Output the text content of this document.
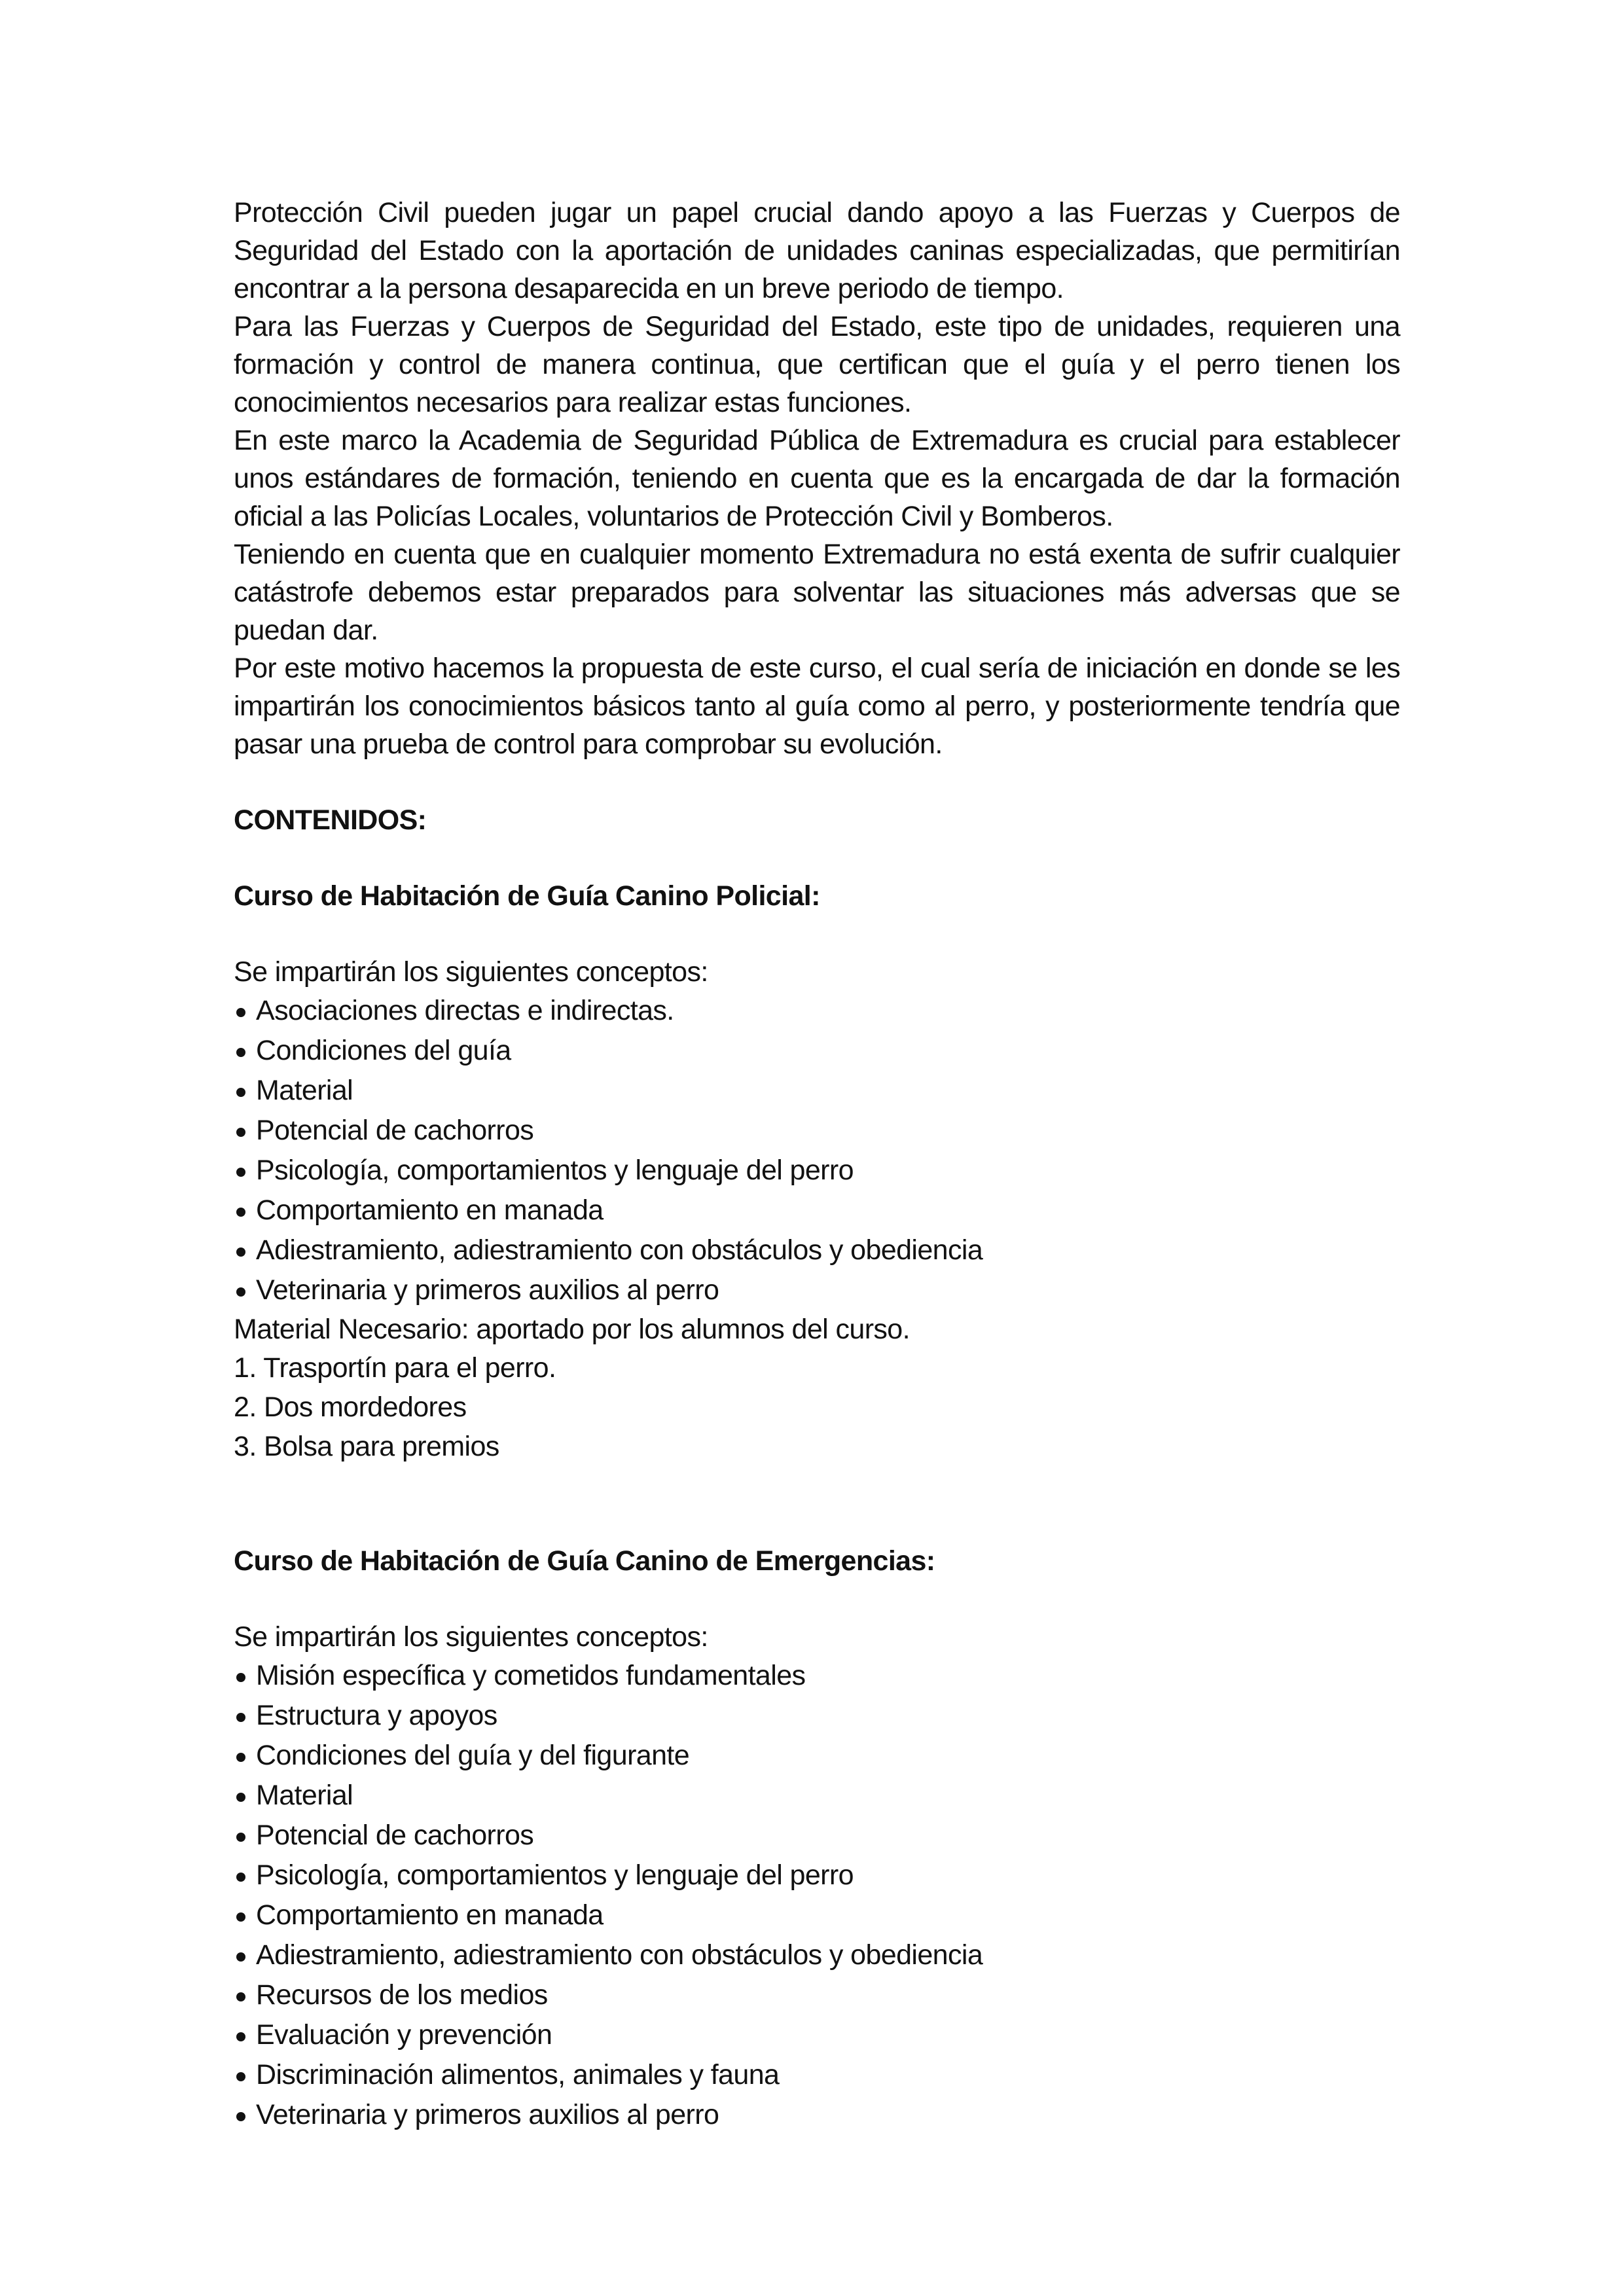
Protección Civil pueden jugar un papel crucial dando apoyo a las Fuerzas y Cuerpos de Seguridad del Estado con la aportación de unidades caninas especializadas, que permitirían encontrar a la persona desaparecida en un breve periodo de tiempo.

Para las Fuerzas y Cuerpos de Seguridad del Estado, este tipo de unidades, requieren una formación y control de manera continua, que certifican que el guía y el perro tienen los conocimientos necesarios para realizar estas funciones.

En este marco la Academia de Seguridad Pública de Extremadura es crucial para establecer unos estándares de formación, teniendo en cuenta que es la encargada de dar la formación oficial a las Policías Locales, voluntarios de Protección Civil y Bomberos.

Teniendo en cuenta que en cualquier momento Extremadura no está exenta de sufrir cualquier catástrofe debemos estar preparados para solventar las situaciones más adversas que se puedan dar.

Por este motivo hacemos la propuesta de este curso, el cual sería de iniciación en donde se les impartirán los conocimientos básicos tanto al guía como al perro, y posteriormente tendría que pasar una prueba de control para comprobar su evolución.

CONTENIDOS:

Curso de Habitación de Guía Canino Policial:

Se impartirán los siguientes conceptos:

Asociaciones directas e indirectas.
Condiciones del guía
Material
Potencial de cachorros
Psicología, comportamientos y lenguaje del perro
Comportamiento en manada
Adiestramiento, adiestramiento con obstáculos y obediencia
Veterinaria y primeros auxilios al perro

Material Necesario: aportado por los alumnos del curso.

1. Trasportín para el perro.
2. Dos mordedores
3. Bolsa para premios

Curso de Habitación de Guía Canino de Emergencias:

Se impartirán los siguientes conceptos:

Misión específica y cometidos fundamentales
Estructura y apoyos
Condiciones del guía y del figurante
Material
Potencial de cachorros
Psicología, comportamientos y lenguaje del perro
Comportamiento en manada
Adiestramiento, adiestramiento con obstáculos y obediencia
Recursos de los medios
Evaluación y prevención
Discriminación alimentos, animales y fauna
Veterinaria y primeros auxilios al perro
